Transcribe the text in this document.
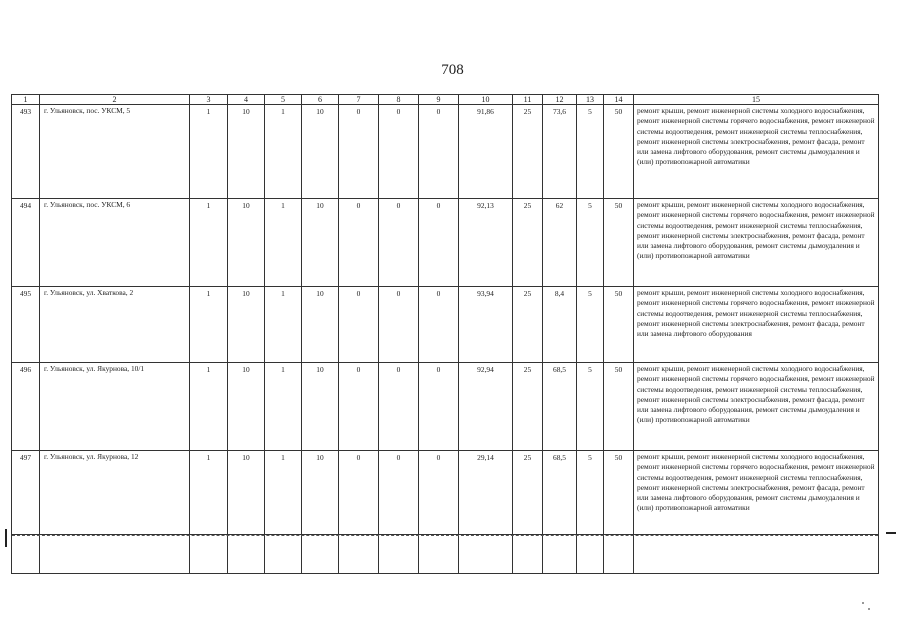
708
1	2	3	4	5	6	7	8	9	10	11	12	13	14	15
493	г. Ульяновск, пос. УКСМ, 5	1	10	1	10	0	0	0	91,86	25	73,6	5	50	ремонт крыши, ремонт инженерной системы холодного водоснабжения, ремонт инженерной системы горячего водоснабжения, ремонт инженерной системы водоотведения, ремонт инженерной системы теплоснабжения, ремонт инженерной системы электроснабжения, ремонт фасада, ремонт или замена лифтового оборудования, ремонт системы дымоудаления и (или) противопожарной автоматики
494	г. Ульяновск, пос. УКСМ, 6	1	10	1	10	0	0	0	92,13	25	62	5	50	ремонт крыши, ремонт инженерной системы холодного водоснабжения, ремонт инженерной системы горячего водоснабжения, ремонт инженерной системы водоотведения, ремонт инженерной системы теплоснабжения, ремонт инженерной системы электроснабжения, ремонт фасада, ремонт или замена лифтового оборудования, ремонт системы дымоудаления и (или) противопожарной автоматики
495	г. Ульяновск, ул. Хваткова, 2	1	10	1	10	0	0	0	93,94	25	8,4	5	50	ремонт крыши, ремонт инженерной системы холодного водоснабжения, ремонт инженерной системы горячего водоснабжения, ремонт инженерной системы водоотведения, ремонт инженерной системы теплоснабжения, ремонт инженерной системы электроснабжения, ремонт фасада, ремонт или замена лифтового оборудования
496	г. Ульяновск, ул. Якурнова, 10/1	1	10	1	10	0	0	0	92,94	25	68,5	5	50	ремонт крыши, ремонт инженерной системы холодного водоснабжения, ремонт инженерной системы горячего водоснабжения, ремонт инженерной системы водоотведения, ремонт инженерной системы теплоснабжения, ремонт инженерной системы электроснабжения, ремонт фасада, ремонт или замена лифтового оборудования, ремонт системы дымоудаления и (или) противопожарной автоматики
497	г. Ульяновск, ул. Якурнова, 12	1	10	1	10	0	0	0	29,14	25	68,5	5	50	ремонт крыши, ремонт инженерной системы холодного водоснабжения, ремонт инженерной системы горячего водоснабжения, ремонт инженерной системы водоотведения, ремонт инженерной системы теплоснабжения, ремонт инженерной системы электроснабжения, ремонт фасада, ремонт или замена лифтового оборудования, ремонт системы дымоудаления и (или) противопожарной автоматики
